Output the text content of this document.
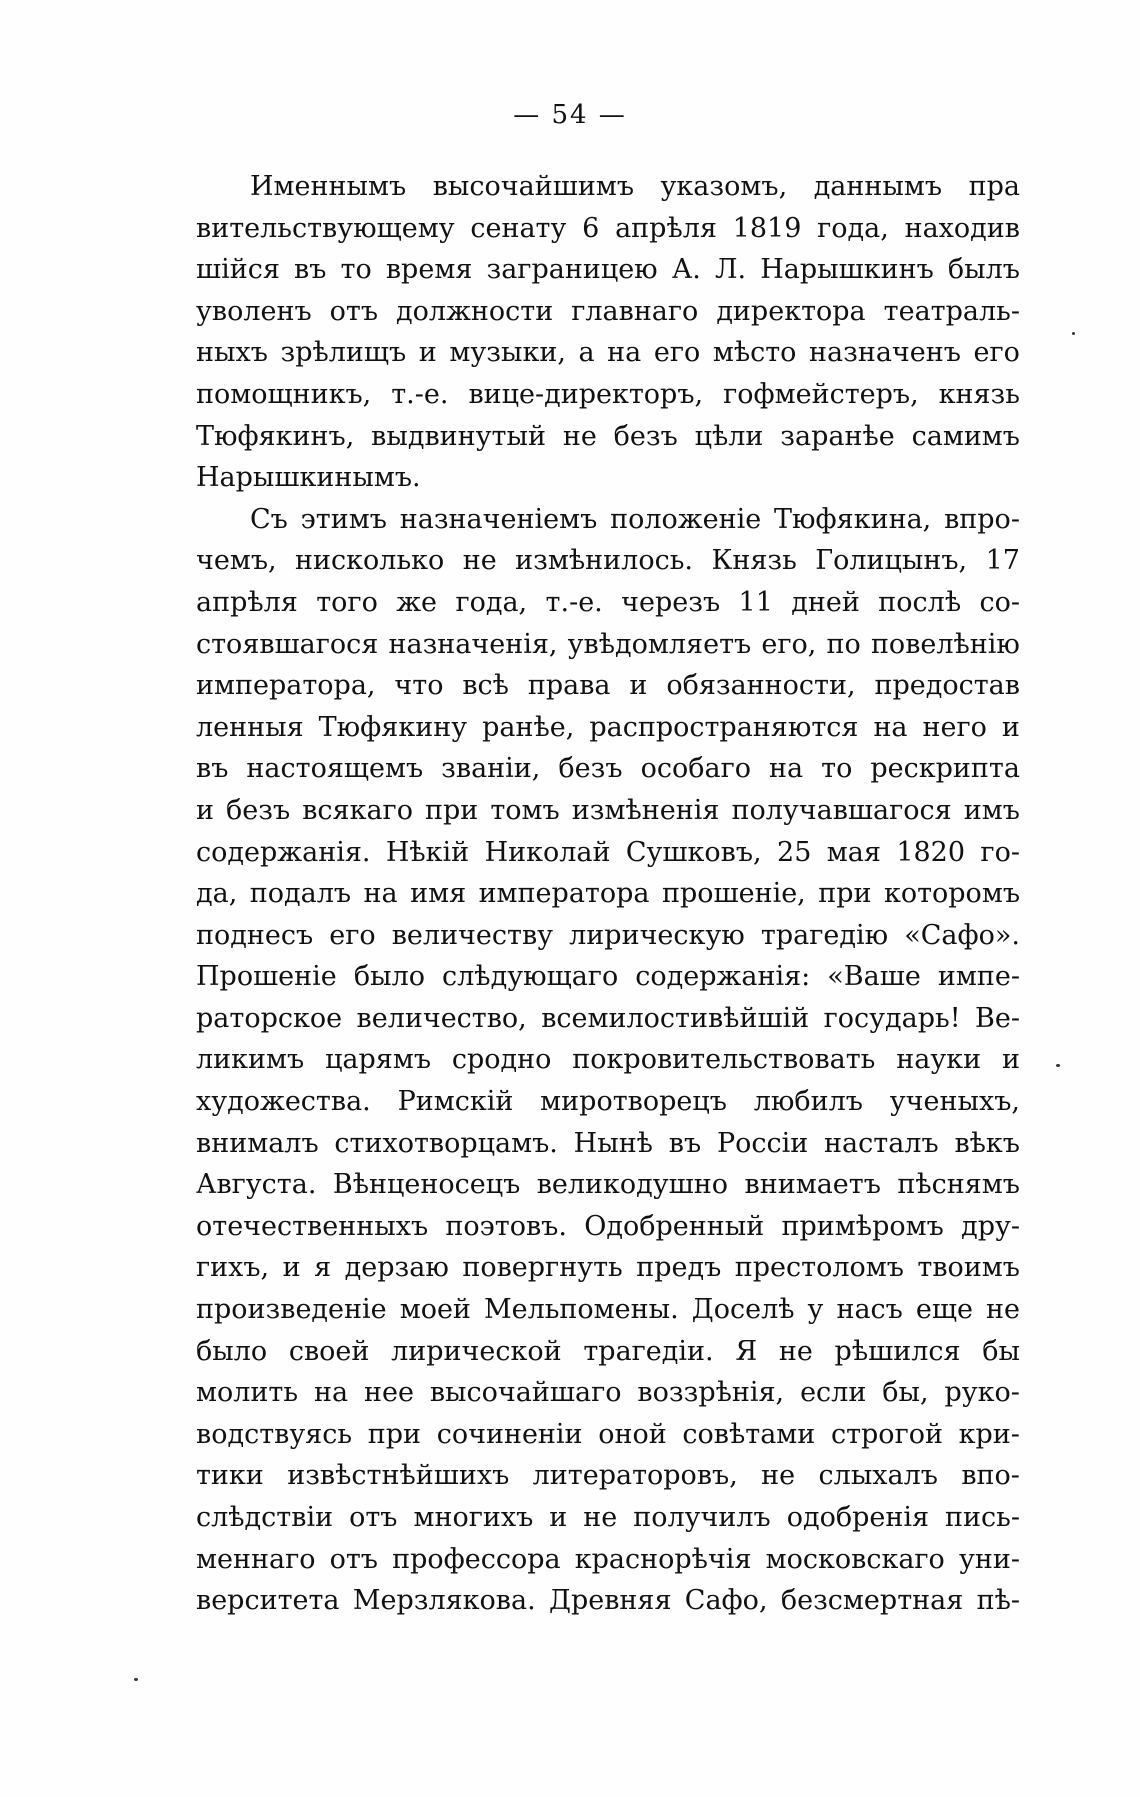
— 54 —
Именнымъ высочайшимъ указомъ, даннымъ пра
вительствующему сенату 6 апрѣля 1819 года, находив
шійся въ то время заграницею А. Л. Нарышкинъ былъ
уволенъ отъ должности главнаго директора театраль-
ныхъ зрѣлищъ и музыки, а на его мѣсто назначенъ его
помощникъ, т.-е. вице-директоръ, гофмейстеръ, князь
Тюфякинъ, выдвинутый не безъ цѣли заранѣе самимъ
Нарышкинымъ.
Съ этимъ назначеніемъ положеніе Тюфякина, впро-
чемъ, нисколько не измѣнилось. Князь Голицынъ, 17
апрѣля того же года, т.-е. черезъ 11 дней послѣ со-
стоявшагося назначенія, увѣдомляетъ его, по повелѣнію
императора, что всѣ права и обязанности, предостав
ленныя Тюфякину ранѣе, распространяются на него и
въ настоящемъ званіи, безъ особаго на то рескрипта
и безъ всякаго при томъ измѣненія получавшагося имъ
содержанія. Нѣкій Николай Сушковъ, 25 мая 1820 го-
да, подалъ на имя императора прошеніе, при которомъ
поднесъ его величеству лирическую трагедію «Сафо».
Прошеніе было слѣдующаго содержанія: «Ваше импе-
раторское величество, всемилостивѣйшій государь! Ве-
ликимъ царямъ сродно покровительствовать науки и
художества. Римскій миротворецъ любилъ ученыхъ,
внималъ стихотворцамъ. Нынѣ въ Россіи насталъ вѣкъ
Августа. Вѣнценосецъ великодушно внимаетъ пѣснямъ
отечественныхъ поэтовъ. Одобренный примѣромъ дру-
гихъ, и я дерзаю повергнуть предъ престоломъ твоимъ
произведеніе моей Мельпомены. Доселѣ у насъ еще не
было своей лирической трагедіи. Я не рѣшился бы
молить на нее высочайшаго воззрѣнія, если бы, руко-
водствуясь при сочиненіи оной совѣтами строгой кри-
тики извѣстнѣйшихъ литераторовъ, не слыхалъ впо-
слѣдствіи отъ многихъ и не получилъ одобренія пись-
меннаго отъ профессора краснорѣчія московскаго уни-
верситета Мерзлякова. Древняя Сафо, безсмертная пѣ-
